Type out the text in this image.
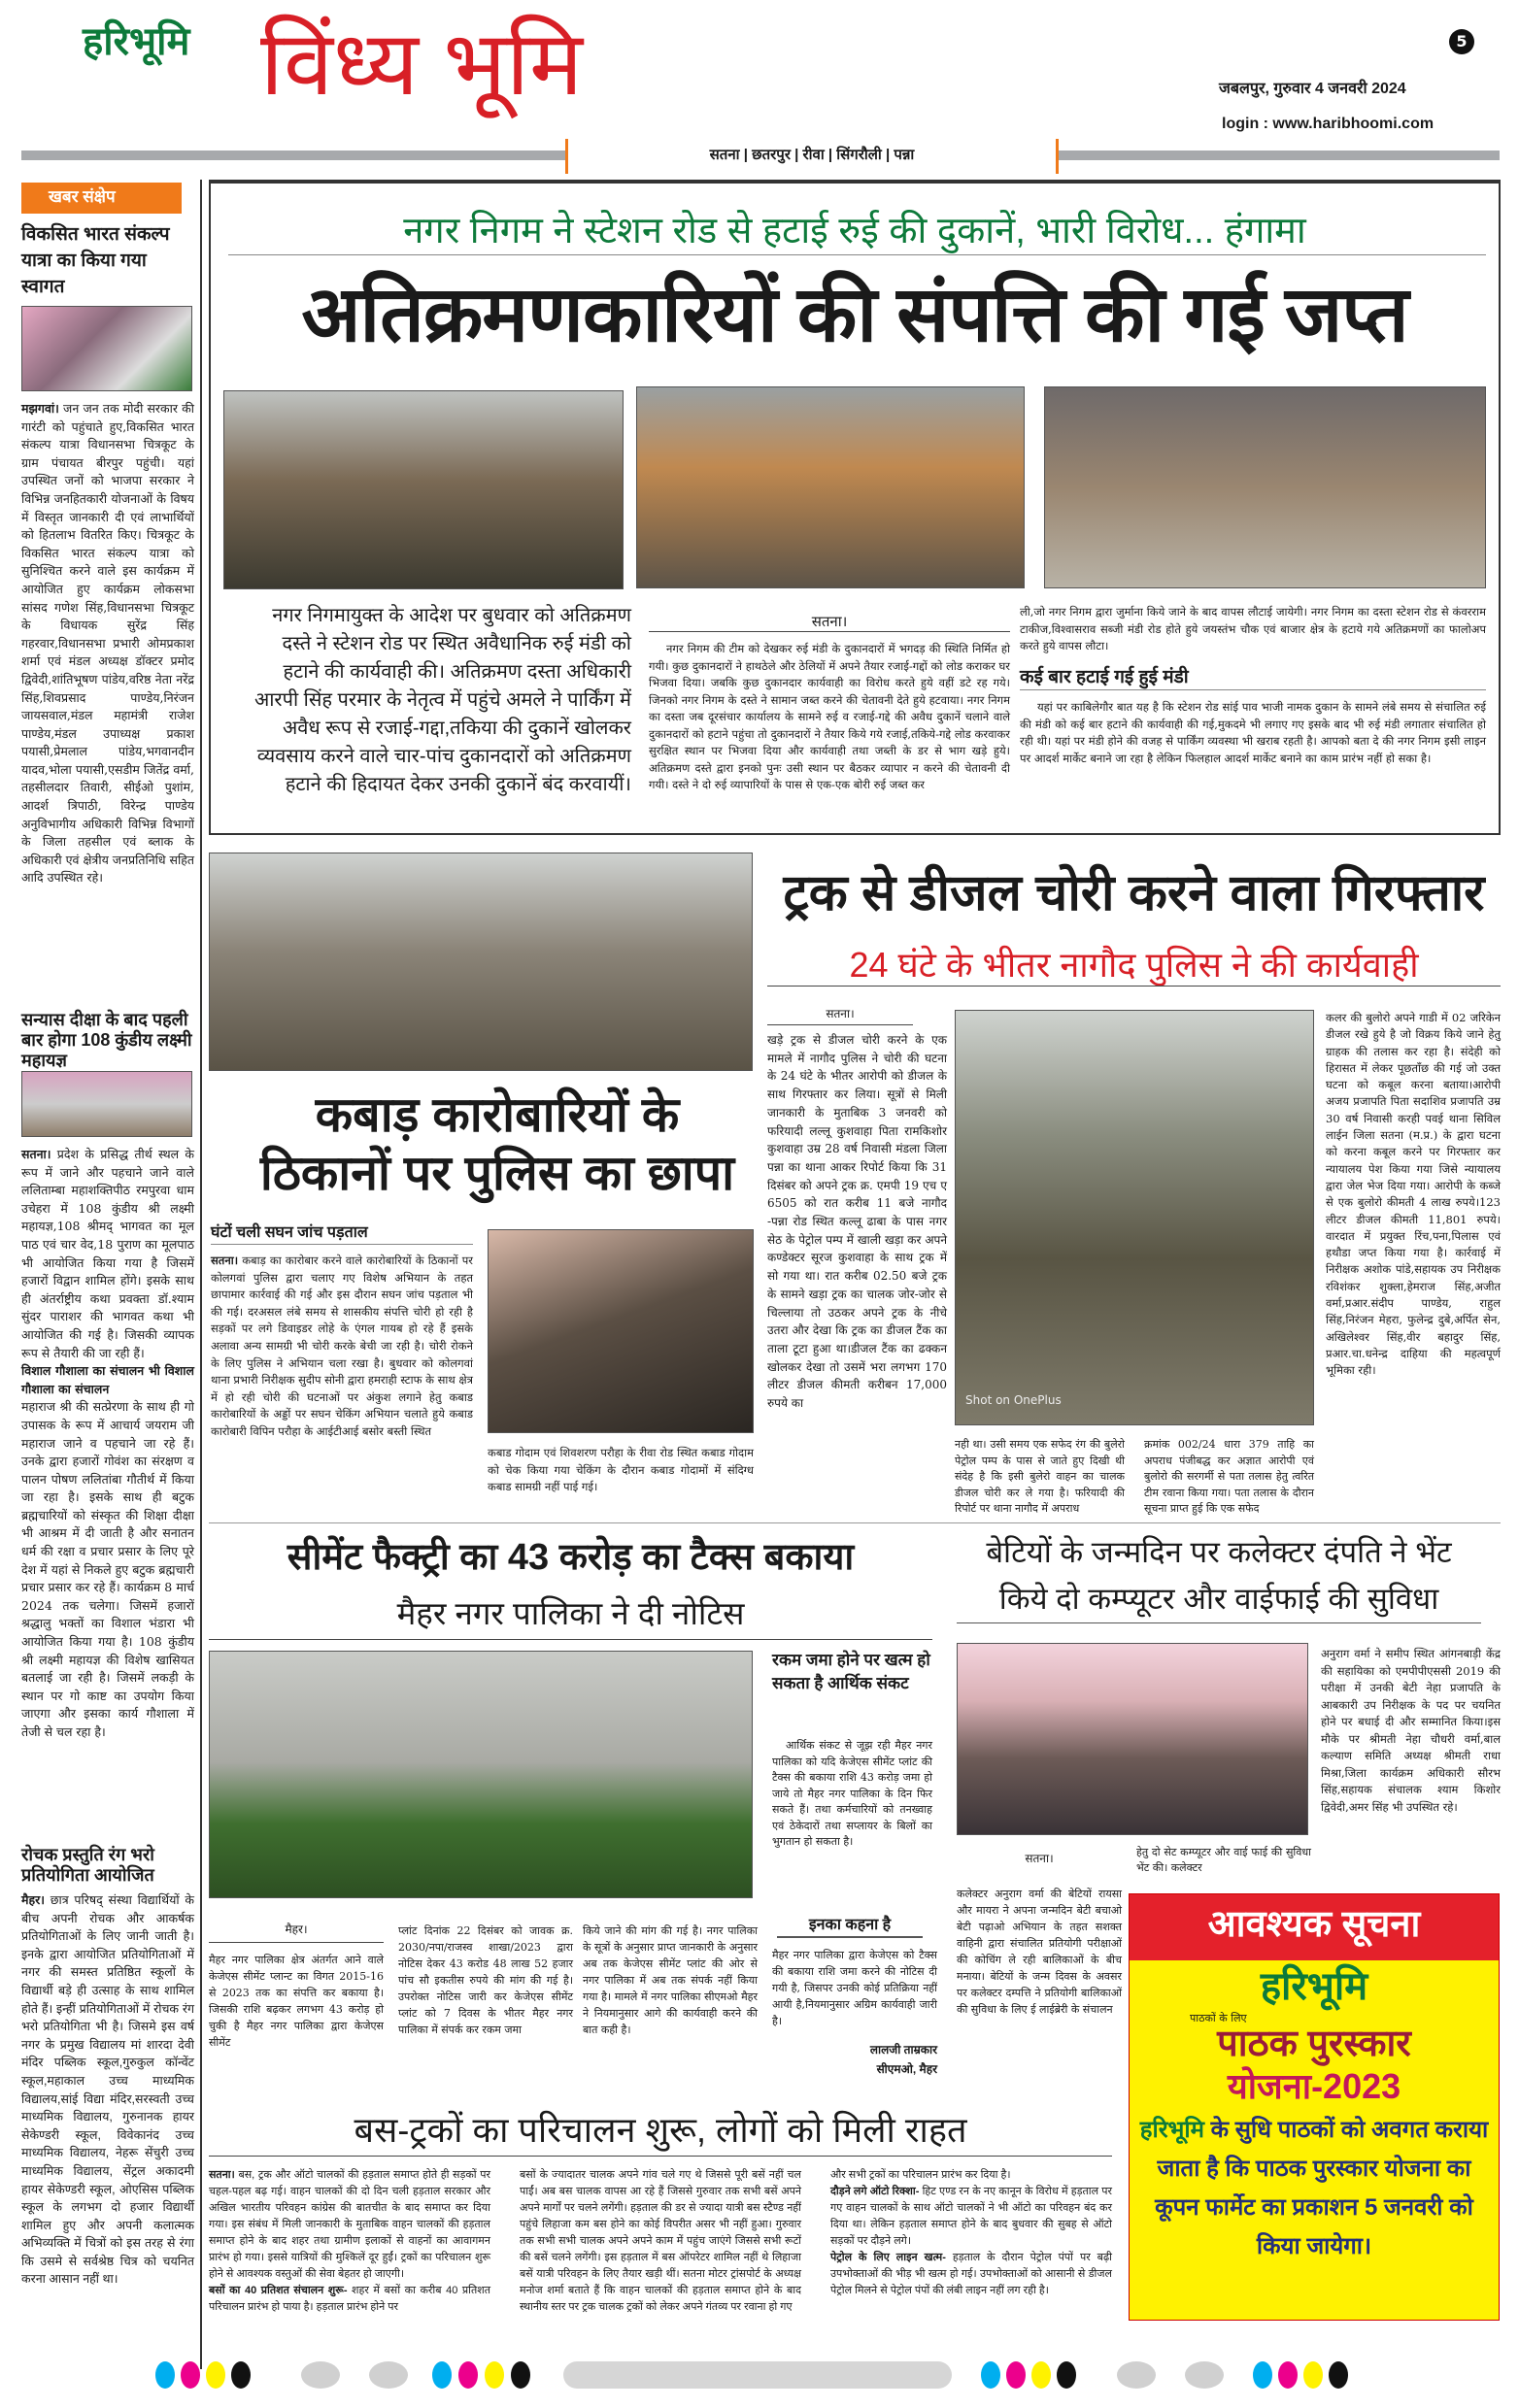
हरिभूमि विंध्य भूमि	5
जबलपुर, गुरुवार 4 जनवरी 2024
login : www.haribhoomi.com
सतना | छतरपुर | रीवा | सिंगरौली | पन्ना
खबर संक्षेप
विकसित भारत संकल्प यात्रा का किया गया स्वागत
मझगवां। जन जन तक मोदी सरकार की गारंटी को पहुंचाते हुए,विकसित भारत संकल्प यात्रा विधानसभा चित्रकूट के ग्राम पंचायत बीरपुर पहुंची। यहां उपस्थित जनों को भाजपा सरकार ने विभिन्न जनहितकारी योजनाओं के विषय में विस्तृत जानकारी दी एवं लाभार्थियों को हितलाभ वितरित किए। चित्रकूट के विकसित भारत संकल्प यात्रा को सुनिश्चित करने वाले इस कार्यक्रम में आयोजित हुए कार्यक्रम लोकसभा सांसद गणेश सिंह,विधानसभा चित्रकूट के विधायक सुरेंद्र सिंह गहरवार,विधानसभा प्रभारी ओमप्रकाश शर्मा एवं मंडल अध्यक्ष डॉक्टर प्रमोद द्विवेदी,शांतिभूषण पांडेय,वरिष्ठ नेता नरेंद्र सिंह,शिवप्रसाद पाण्डेय,निरंजन जायसवाल,मंडल महामंत्री राजेश पाण्डेय,मंडल उपाध्यक्ष प्रकाश पयासी,प्रेमलाल पांडेय,भगवानदीन यादव,भोला पयासी,एसडीम जितेंद्र वर्मा, तहसीलदार तिवारी, सीईओ पुशांम, आदर्श त्रिपाठी, विरेन्द्र पाण्डेय अनुविभागीय अधिकारी विभिन्न विभागों के जिला तहसील एवं ब्लाक के अधिकारी एवं क्षेत्रीय जनप्रतिनिधि सहित आदि उपस्थित रहे।
सन्यास दीक्षा के बाद पहली बार होगा 108 कुंडीय लक्ष्मी महायज्ञ
सतना। प्रदेश के प्रसिद्ध तीर्थ स्थल के रूप में जाने और पहचाने जाने वाले ललिताम्बा महाशक्तिपीठ रमपुरवा धाम उचेहरा में 108 कुंडीय श्री लक्ष्मी महायज्ञ,108 श्रीमद् भागवत का मूल पाठ एवं चार वेद,18 पुराण का मूलपाठ भी आयोजित किया गया है जिसमें हजारों विद्वान शामिल होंगे। इसके साथ ही अंतर्राष्ट्रीय कथा प्रवक्ता डॉ.श्याम सुंदर पाराशर की भागवत कथा भी आयोजित की गई है। जिसकी व्यापक रूप से तैयारी की जा रही हैं।
विशाल गौशाला का संचालन भी विशाल गौशाला का संचालन
महाराज श्री की सत्प्रेरणा के साथ ही गो उपासक के रूप में आचार्य जयराम जी महाराज जाने व पहचाने जा रहे हैं। उनके द्वारा हजारों गोवंश का संरक्षण व पालन पोषण ललितांबा गौतीर्थ में किया जा रहा है। इसके साथ ही बटुक ब्रह्मचारियों को संस्कृत की शिक्षा दीक्षा भी आश्रम में दी जाती है और सनातन धर्म की रक्षा व प्रचार प्रसार के लिए पूरे देश में यहां से निकले हुए बटुक ब्रह्मचारी प्रचार प्रसार कर रहे हैं। कार्यक्रम 8 मार्च 2024 तक चलेगा। जिसमें हजारों श्रद्धालु भक्तों का विशाल भंडारा भी आयोजित किया गया है। 108 कुंडीय श्री लक्ष्मी महायज्ञ की विशेष खासियत बतलाई जा रही है। जिसमें लकड़ी के स्थान पर गो काष्ट का उपयोग किया जाएगा और इसका कार्य गौशाला में तेजी से चल रहा है।
रोचक प्रस्तुति रंग भरो प्रतियोगिता आयोजित
मैहर। छात्र परिषद् संस्था विद्यार्थियों के बीच अपनी रोचक और आकर्षक प्रतियोगिताओं के लिए जानी जाती है। इनके द्वारा आयोजित प्रतियोगिताओं में नगर की समस्त प्रतिष्ठित स्कूलों के विद्यार्थी बड़े ही उत्साह के साथ शामिल होते हैं। इन्हीं प्रतियोगिताओं में रोचक रंग भरो प्रतियोगिता भी है। जिसमे इस वर्ष नगर के प्रमुख विद्यालय मां शारदा देवी मंदिर पब्लिक स्कूल,गुरुकुल कॉन्वेंट स्कूल,महाकाल उच्च माध्यमिक विद्यालय,सांई विद्या मंदिर,सरस्वती उच्च माध्यमिक विद्यालय, गुरुनानक हायर सेकेण्डरी स्कूल, विवेकानंद उच्च माध्यमिक विद्यालय, नेहरू सेंचुरी उच्च माध्यमिक विद्यालय, सेंट्रल अकादमी हायर सेकेण्डरी स्कूल, ओएसिस पब्लिक स्कूल के लगभग दो हजार विद्यार्थी शामिल हुए और अपनी कलात्मक अभिव्यक्ति में चित्रों को इस तरह से रंगा कि उसमे से सर्वश्रेष्ठ चित्र को चयनित करना आसान नहीं था।
नगर निगम ने स्टेशन रोड से हटाई रुई की दुकानें, भारी विरोध... हंगामा
अतिक्रमणकारियों की संपत्ति की गई जप्त
नगर निगमायुक्त के आदेश पर बुधवार को अतिक्रमण दस्ते ने स्टेशन रोड पर स्थित अवैधानिक रुई मंडी को हटाने की कार्यवाही की। अतिक्रमण दस्ता अधिकारी आरपी सिंह परमार के नेतृत्व में पहुंचे अमले ने पार्किंग में अवैध रूप से रजाई-गद्दा,तकिया की दुकानें खोलकर व्यवसाय करने वाले चार-पांच दुकानदारों को अतिक्रमण हटाने की हिदायत देकर उनकी दुकानें बंद करवायीं।
सतना।
नगर निगम की टीम को देखकर रुई मंडी के दुकानदारों में भगदड़ की स्थिति निर्मित हो गयी। कुछ दुकानदारों ने हाथठेले और ठेलियों में अपने तैयार रजाई-गद्दों को लोड कराकर घर भिजवा दिया। जबकि कुछ दुकानदार कार्यवाही का विरोध करते हुये वहीं डटे रह गये। जिनको नगर निगम के दस्ते ने सामान जब्त करने की चेतावनी देते हुये हटवाया। नगर निगम का दस्ता जब दूरसंचार कार्यालय के सामने रुई व रजाई-गद्दे की अवैध दुकानें चलाने वाले दुकानदारों को हटाने पहुंचा तो दुकानदारों ने तैयार किये गये रजाई,तकिये-गद्दे लोड करवाकर सुरक्षित स्थान पर भिजवा दिया और कार्यवाही तथा जब्ती के डर से भाग खड़े हुये। अतिक्रमण दस्ते द्वारा इनको पुनः उसी स्थान पर बैठकर व्यापार न करने की चेतावनी दी गयी। दस्ते ने दो रुई व्यापारियों के पास से एक-एक बोरी रुई जब्त कर
ली,जो नगर निगम द्वारा जुर्माना किये जाने के बाद वापस लौटाई जायेगी। नगर निगम का दस्ता स्टेशन रोड से कंवरराम टाकीज,विश्वासराव सब्जी मंडी रोड होते हुये जयस्तंभ चौक एवं बाजार क्षेत्र के हटाये गये अतिक्रमणों का फालोअप करते हुये वापस लौटा।
कई बार हटाई गई हुई मंडी
यहां पर काबिलेगौर बात यह है कि स्टेशन रोड सांई पाव भाजी नामक दुकान के सामने लंबे समय से संचालित रुई की मंडी को कई बार हटाने की कार्यवाही की गई,मुकदमे भी लगाए गए इसके बाद भी रुई मंडी लगातार संचालित हो रही थी। यहां पर मंडी होने की वजह से पार्किंग व्यवस्था भी खराब रहती है। आपको बता दे की नगर निगम इसी लाइन पर आदर्श मार्केट बनाने जा रहा है लेकिन फिलहाल आदर्श मार्केट बनाने का काम प्रारंभ नहीं हो सका है।
कबाड़ कारोबारियों के ठिकानों पर पुलिस का छापा
घंटों चली सघन जांच पड़ताल
सतना। कबाड़ का कारोबार करने वाले कारोबारियों के ठिकानों पर कोलगवां पुलिस द्वारा चलाए गए विशेष अभियान के तहत छापामार कार्रवाई की गई और इस दौरान सघन जांच पड़ताल भी की गई। दरअसल लंबे समय से शासकीय संपत्ति चोरी हो रही है सड़कों पर लगे डिवाइडर लोहे के एंगल गायब हो रहे हैं इसके अलावा अन्य सामग्री भी चोरी करके बेची जा रही है। चोरी रोकने के लिए पुलिस ने अभियान चला रखा है। बुधवार को कोलगवां थाना प्रभारी निरीक्षक सुदीप सोनी द्वारा हमराही स्टाफ के साथ क्षेत्र में हो रही चोरी की घटनाओं पर अंकुश लगाने हेतु कबाड कारोबारियों के अड्डों पर सघन चेकिंग अभियान चलाते हुये कबाड कारोबारी विपिन परौहा के आईटीआई बसोर बस्ती स्थित
कबाड गोदाम एवं शिवशरण परौहा के रीवा रोड स्थित कबाड गोदाम को चेक किया गया चेकिंग के दौरान कबाड गोदामों में संदिग्ध कबाड सामग्री नहीं पाई गई।
ट्रक से डीजल चोरी करने वाला गिरफ्तार
24 घंटे के भीतर नागौद पुलिस ने की कार्यवाही
सतना।
खड़े ट्रक से डीजल चोरी करने के एक मामले में नागौद पुलिस ने चोरी की घटना के 24 घंटे के भीतर आरोपी को डीजल के साथ गिरफ्तार कर लिया। सूत्रों से मिली जानकारी के मुताबिक 3 जनवरी को फरियादी लल्लू कुशवाहा पिता रामकिशोर कुशवाहा उम्र 28 वर्ष निवासी मंडला जिला पन्ना का थाना आकर रिपोर्ट किया कि 31 दिसंबर को अपने ट्रक क्र. एमपी 19 एच ए 6505 को रात करीब 11 बजे नागौद -पन्ना रोड स्थित कल्लू ढाबा के पास नगर सेठ के पेट्रोल पम्प में खाली खड़ा कर अपने कण्डेक्टर सूरज कुशवाहा के साथ ट्रक में सो गया था। रात करीब 02.50 बजे ट्रक के सामने खड़ा ट्रक का चालक जोर-जोर से चिल्लाया तो उठकर अपने ट्रक के नीचे उतरा और देखा कि ट्रक का डीजल टैंक का ताला टूटा हुआ था।डीजल टैंक का ढक्कन खोलकर देखा तो उसमें भरा लगभग 170 लीटर डीजल कीमती करीबन 17,000 रुपये का	Shot on OnePlus
नही था। उसी समय एक सफेद रंग की बुलेरो पेट्रोल पम्प के पास से जाते हुए दिखी थी संदेह है कि इसी बुलेरो वाहन का चालक डीजल चोरी कर ले गया है। फरियादी की रिपोर्ट पर थाना नागौद में अपराध
क्रमांक 002/24 धारा 379 ताहि का अपराध पंजीबद्ध कर अज्ञात आरोपी एवं बुलोरो की सरगर्मी से पता तलास हेतु त्वरित टीम रवाना किया गया। पता तलास के दौरान सूचना प्राप्त हुई कि एक सफेद
कलर की बुलोरो अपने गाडी में 02 जरिकेन डीजल रखे हुये है जो विक्रय किये जाने हेतु ग्राहक की तलास कर रहा है। संदेही को हिरासत में लेकर पूछताँछ की गई जो उक्त घटना को कबूल करना बताया।आरोपी अजय प्रजापति पिता सदाशिव प्रजापति उम्र 30 वर्ष निवासी करही पवई थाना सिविल लाईन जिला सतना (म.प्र.) के द्वारा घटना को करना कबूल करने पर गिरफ्तार कर न्यायालय पेश किया गया जिसे न्यायालय द्वारा जेल भेज दिया गया। आरोपी के कब्जे से एक बुलोरो कीमती 4 लाख रुपये।123 लीटर डीजल कीमती 11,801 रुपये। वारदात में प्रयुक्त रिंच,पना,पिलास एवं हथौडा जप्त किया गया है। कार्रवाई में निरीक्षक अशोक पांडे,सहायक उप निरीक्षक रविशंकर शुक्ला,हेमराज सिंह,अजीत वर्मा,प्रआर.संदीप पाण्डेय, राहुल सिंह,निरंजन मेहरा, फुलेन्द्र दुबे,अर्पित सेन, अखिलेश्वर सिंह,वीर बहादुर सिंह, प्रआर.चा.धनेन्द्र दाहिया की महत्वपूर्ण भूमिका रही।
सीमेंट फैक्ट्री का 43 करोड़ का टैक्स बकाया
मैहर नगर पालिका ने दी नोटिस
रकम जमा होने पर खत्म हो सकता है आर्थिक संकट
आर्थिक संकट से जूझ रही मैहर नगर पालिका को यदि केजेएस सीमेंट प्लांट की टैक्स की बकाया राशि 43 करोड़ जमा हो जाये तो मैहर नगर पालिका के दिन फिर सकते हैं। तथा कर्मचारियों को तनख्वाह एवं ठेकेदारों तथा सप्लायर के बिलों का भुगतान हो सकता है।
मैहर।
मैहर नगर पालिका क्षेत्र अंतर्गत आने वाले केजेएस सीमेंट प्लान्ट का विगत 2015-16 से 2023 तक का संपत्ति कर बकाया है। जिसकी राशि बढ़कर लगभग 43 करोड़ हो चुकी है मैहर नगर पालिका द्वारा केजेएस सीमेंट
प्लांट दिनांक 22 दिसंबर को जावक क्र. 2030/नपा/राजस्व शाखा/2023 द्वारा नोटिस देकर 43 करोड 48 लाख 52 हजार पांच सौ इकतीस रुपये की मांग की गई है। उपरोक्त नोटिस जारी कर केजेएस सीमेंट प्लांट को 7 दिवस के भीतर मैहर नगर पालिका में संपर्क कर रकम जमा
किये जाने की मांग की गई है। नगर पालिका के सूत्रों के अनुसार प्राप्त जानकारी के अनुसार अब तक केजेएस सीमेंट प्लांट की ओर से नगर पालिका में अब तक संपर्क नहीं किया गया है। मामले में नगर पालिका सीएमओ मैहर ने नियमानुसार आगे की कार्यवाही करने की बात कही है।
इनका कहना है
मैहर नगर पालिका द्वारा केजेएस को टैक्स की बकाया राशि जमा करने की नोटिस दी गयी है, जिसपर उनकी कोई प्रतिक्रिया नहीं आयी है,नियमानुसार अग्रिम कार्यवाही जारी है।
लालजी ताम्रकार
सीएमओ, मैहर
बेटियों के जन्मदिन पर कलेक्टर दंपति ने भेंट
किये दो कम्प्यूटर और वाईफाई की सुविधा
हेतु दो सेट कम्प्यूटर और वाई फाई की सुविधा भेंट की। कलेक्टर
अनुराग वर्मा ने समीप स्थित आंगनबाड़ी केंद्र की सहायिका को एमपीपीएससी 2019 की परीक्षा में उनकी बेटी नेहा प्रजापति के आबकारी उप निरीक्षक के पद पर चयनित होने पर बधाई दी और सम्मानित किया।इस मौके पर श्रीमती नेहा चौधरी वर्मा,बाल कल्याण समिति अध्यक्ष श्रीमती राधा मिश्रा,जिला कार्यक्रम अधिकारी सौरभ सिंह,सहायक संचालक श्याम किशोर द्विवेदी,अमर सिंह भी उपस्थित रहे।
सतना।
कलेक्टर अनुराग वर्मा की बेटियों रायसा और मायरा ने अपना जन्मदिन बेटी बचाओ बेटी पढ़ाओ अभियान के तहत सशक्त वाहिनी द्वारा संचालित प्रतियोगी परीक्षाओं की कोचिंग ले रही बालिकाओं के बीच मनाया। बेटियों के जन्म दिवस के अवसर पर कलेक्टर दम्पत्ति ने प्रतियोगी बालिकाओं की सुविधा के लिए ई लाईब्रेरी के संचालन
आवश्यक सूचना
हरिभूमि
पाठकों के लिए
पाठक पुरस्कार
योजना-2023
हरिभूमि के सुधि पाठकों को अवगत कराया जाता है कि पाठक पुरस्कार योजना का कूपन फार्मेट का प्रकाशन 5 जनवरी को किया जायेगा।
बस-ट्रकों का परिचालन शुरू, लोगों को मिली राहत
सतना। बस, ट्रक और ऑटो चालकों की हड़ताल समाप्त होते ही सड़कों पर चहल-पहल बढ़ गई। वाहन चालकों की दो दिन चली हड़ताल सरकार और अखिल भारतीय परिवहन कांग्रेस की बातचीत के बाद समाप्त कर दिया गया। इस संबंध में मिली जानकारी के मुताबिक वाहन चालकों की हड़ताल समाप्त होने के बाद शहर तथा ग्रामीण इलाकों से वाहनों का आवागमन प्रारंभ हो गया। इससे यात्रियों की मुश्किलें दूर हुईं। ट्रकों का परिचालन शुरू होने से आवश्यक वस्तुओं की सेवा बेहतर हो जाएगी।
बसों का 40 प्रतिशत संचालन शुरू- शहर में बसों का करीब 40 प्रतिशत परिचालन प्रारंभ हो पाया है। हड़ताल प्रारंभ होने पर
बसों के ज्यादातर चालक अपने गांव चले गए थे जिससे पूरी बसें नहीं चल पाईं। अब बस चालक वापस आ रहे हैं जिससे गुरुवार तक सभी बसें अपने अपने मार्गों पर चलने लगेंगी। हड़ताल की डर से ज्यादा यात्री बस स्टैण्ड नहीं पहुंचे लिहाजा कम बस होने का कोई विपरीत असर भी नहीं हुआ। गुरुवार तक सभी सभी चालक अपने अपने काम में पहुंच जाएंगे जिससे सभी रूटों की बसें चलने लगेंगी। इस हड़ताल में बस ऑपरेटर शामिल नहीं थे लिहाजा बसें यात्री परिवहन के लिए तैयार खड़ी थीं। सतना मोटर ट्रांसपोर्ट के अध्यक्ष मनोज शर्मा बताते हैं कि वाहन चालकों की हड़ताल समाप्त होने के बाद स्थानीय स्तर पर ट्रक चालक ट्रकों को लेकर अपने गंतव्य पर रवाना हो गए
और सभी ट्रकों का परिचालन प्रारंभ कर दिया है।
दौड़ने लगे ऑटो रिक्शा- हिट एण्ड रन के नए कानून के विरोध में हड़ताल पर गए वाहन चालकों के साथ ऑटो चालकों ने भी ऑटो का परिवहन बंद कर दिया था। लेकिन हड़ताल समाप्त होने के बाद बुधवार की सुबह से ऑटो सड़कों पर दौड़ने लगे।
पेट्रोल के लिए लाइन खत्म- हड़ताल के दौरान पेट्रोल पंपों पर बढ़ी उपभोक्ताओं की भीड़ भी खत्म हो गई। उपभोक्ताओं को आसानी से डीजल पेट्रोल मिलने से पेट्रोल पंपों की लंबी लाइन नहीं लग रही है।
